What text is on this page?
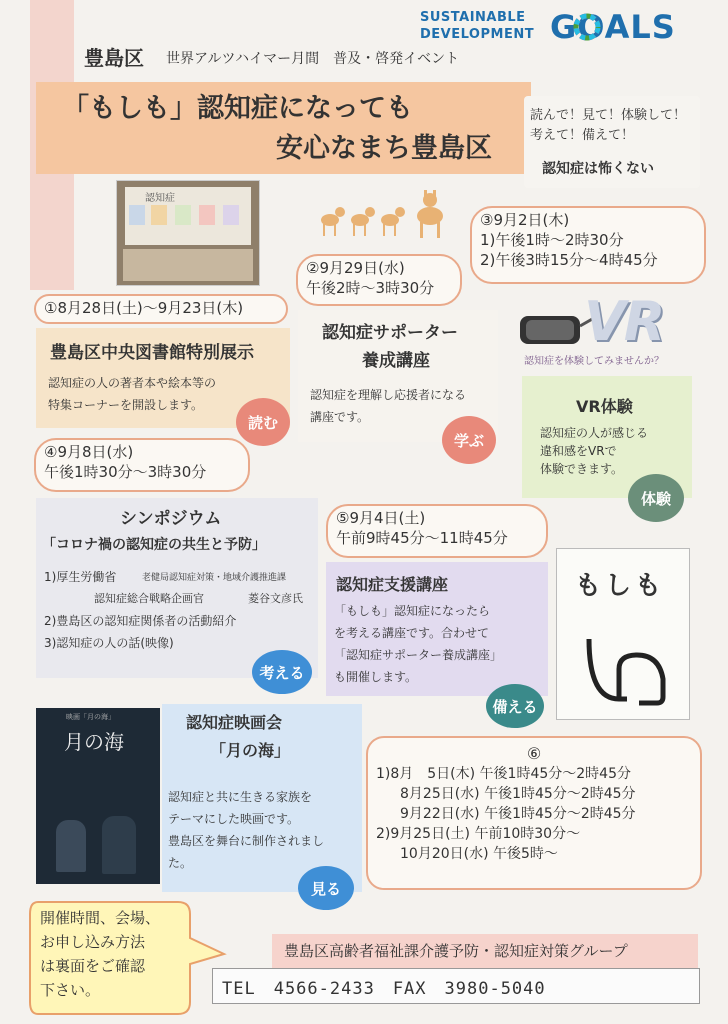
SUSTAINABLE
DEVELOPMENT GOALS
豊島区 世界アルツハイマー月間　普及・啓発イベント
「もしも」認知症になっても
安心なまち豊島区
読んで！見て！体験して！
考えて！備えて！
認知症は怖くない
認知症
①8月28日(土)～9月23日(木)
豊島区中央図書館特別展示
認知症の人の著者本や絵本等の
特集コーナーを開設します。
読む
②9月29日(水)
午後2時～3時30分
認知症サポーター
養成講座
認知症を理解し応援者になる
講座です。
学ぶ
③9月2日(木)
1)午後1時～2時30分
2)午後3時15分～4時45分
VR
認知症を体験してみませんか？
VR体験
認知症の人が感じる
違和感をVRで
体験できます。
体験
④9月8日(水)
午後1時30分～3時30分
シンポジウム
「コロナ禍の認知症の共生と予防」
1)厚生労働省	老健局認知症対策・地域介護推進課
認知症総合戦略企画官	菱谷文彦氏
2)豊島区の認知症関係者の活動紹介
3)認知症の人の話(映像)
考える
⑤9月4日(土)
午前9時45分～11時45分
認知症支援講座
「もしも」認知症になったら
を考える講座です。合わせて
「認知症サポーター養成講座」
も開催します。
備える
もしも
映画「月の海」
月の海
認知症映画会
「月の海」
認知症と共に生きる家族を
テーマにした映画です。
豊島区を舞台に制作されまし
た。
見る
⑥
1)8月　5日(木) 午後1時45分～2時45分
8月25日(水) 午後1時45分～2時45分
9月22日(水) 午後1時45分～2時45分
2)9月25日(土) 午前10時30分～
10月20日(水) 午後5時～
開催時間、会場、
お申し込み方法
は裏面をご確認
下さい。
豊島区高齢者福祉課介護予防・認知症対策グループ
TEL　4566-2433　FAX　3980-5040
